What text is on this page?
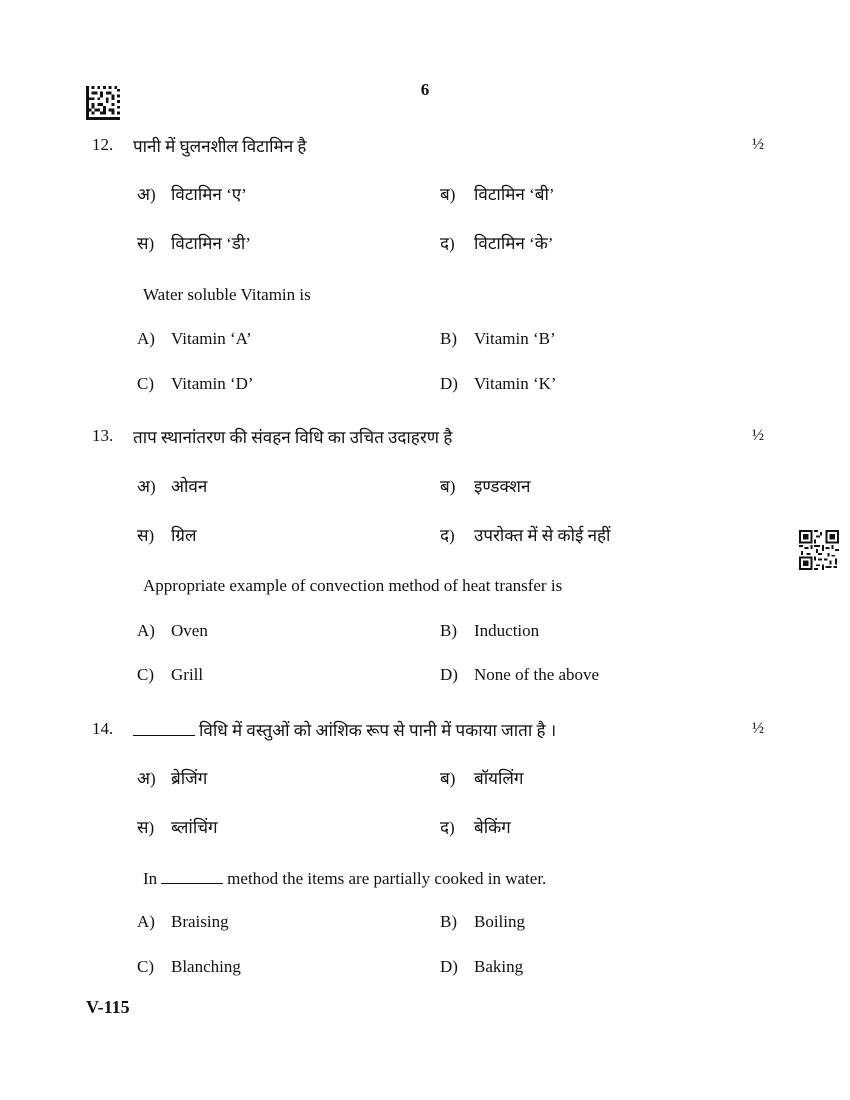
6
12. पानी में घुलनशील विटामिन है	½
अ) विटामिन ‘ए’	ब) विटामिन ‘बी’
स) विटामिन ‘डी’	द) विटामिन ‘के’
Water soluble Vitamin is
A) Vitamin ‘A’	B) Vitamin ‘B’
C) Vitamin ‘D’	D) Vitamin ‘K’
13. ताप स्थानांतरण की संवहन विधि का उचित उदाहरण है	½
अ) ओवन	ब) इण्डक्शन
स) ग्रिल	द) उपरोक्त में से कोई नहीं
Appropriate example of convection method of heat transfer is
A) Oven	B) Induction
C) Grill	D) None of the above
14.	विधि में वस्तुओं को आंशिक रूप से पानी में पकाया जाता है ।	½
अ) ब्रेजिंग	ब) बॉयलिंग
स) ब्लांचिंग	द) बेकिंग
In	method the items are partially cooked in water.
A) Braising	B) Boiling
C) Blanching	D) Baking
V-115
